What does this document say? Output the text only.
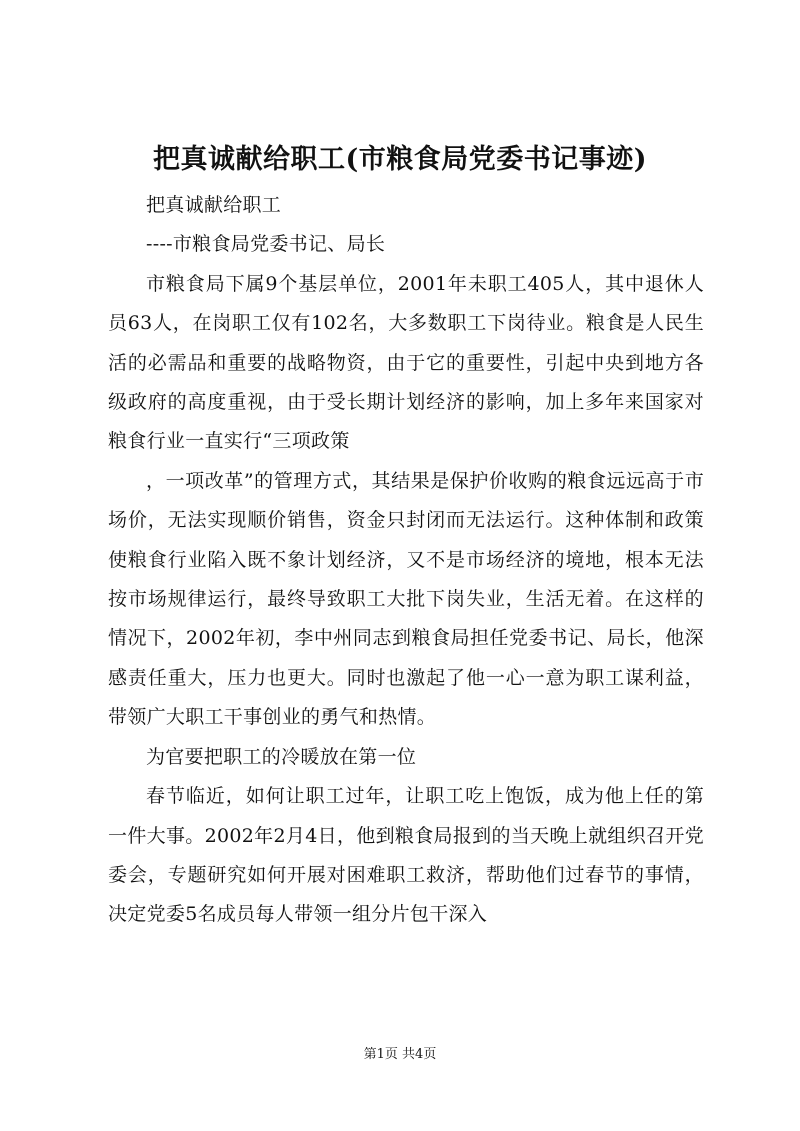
把真诚献给职工(市粮食局党委书记事迹)

把真诚献给职工

----市粮食局党委书记、局长

市粮食局下属9个基层单位，2001年未职工405人，其中退休人员63人，在岗职工仅有102名，大多数职工下岗待业。粮食是人民生活的必需品和重要的战略物资，由于它的重要性，引起中央到地方各级政府的高度重视，由于受长期计划经济的影响，加上多年来国家对粮食行业一直实行“三项政策

，一项改革”的管理方式，其结果是保护价收购的粮食远远高于市场价，无法实现顺价销售，资金只封闭而无法运行。这种体制和政策使粮食行业陷入既不象计划经济，又不是市场经济的境地，根本无法按市场规律运行，最终导致职工大批下岗失业，生活无着。在这样的情况下，2002年初，李中州同志到粮食局担任党委书记、局长，他深感责任重大，压力也更大。同时也激起了他一心一意为职工谋利益，带领广大职工干事创业的勇气和热情。

为官要把职工的冷暖放在第一位

春节临近，如何让职工过年，让职工吃上饱饭，成为他上任的第一件大事。2002年2月4日，他到粮食局报到的当天晚上就组织召开党委会，专题研究如何开展对困难职工救济，帮助他们过春节的事情，决定党委5名成员每人带领一组分片包干深入

第1页 共4页
